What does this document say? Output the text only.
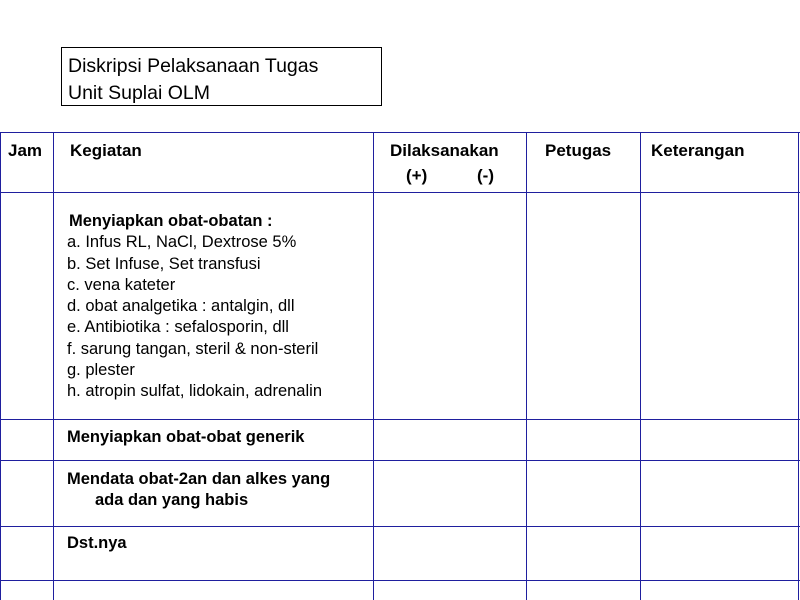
Diskripsi Pelaksanaan Tugas
Unit Suplai OLM
Jam Kegiatan	Dilaksanakan
(+)	(-)
Petugas Keterangan
Menyiapkan obat-obatan :
a. Infus RL, NaCl, Dextrose 5%
b. Set Infuse, Set transfusi
c. vena kateter
d. obat analgetika : antalgin, dll
e. Antibiotika : sefalosporin, dll
f. sarung tangan, steril & non-steril
g. plester
h. atropin sulfat, lidokain, adrenalin
Menyiapkan obat-obat generik
Mendata obat-2an dan alkes yang
ada dan yang habis
Dst.nya
